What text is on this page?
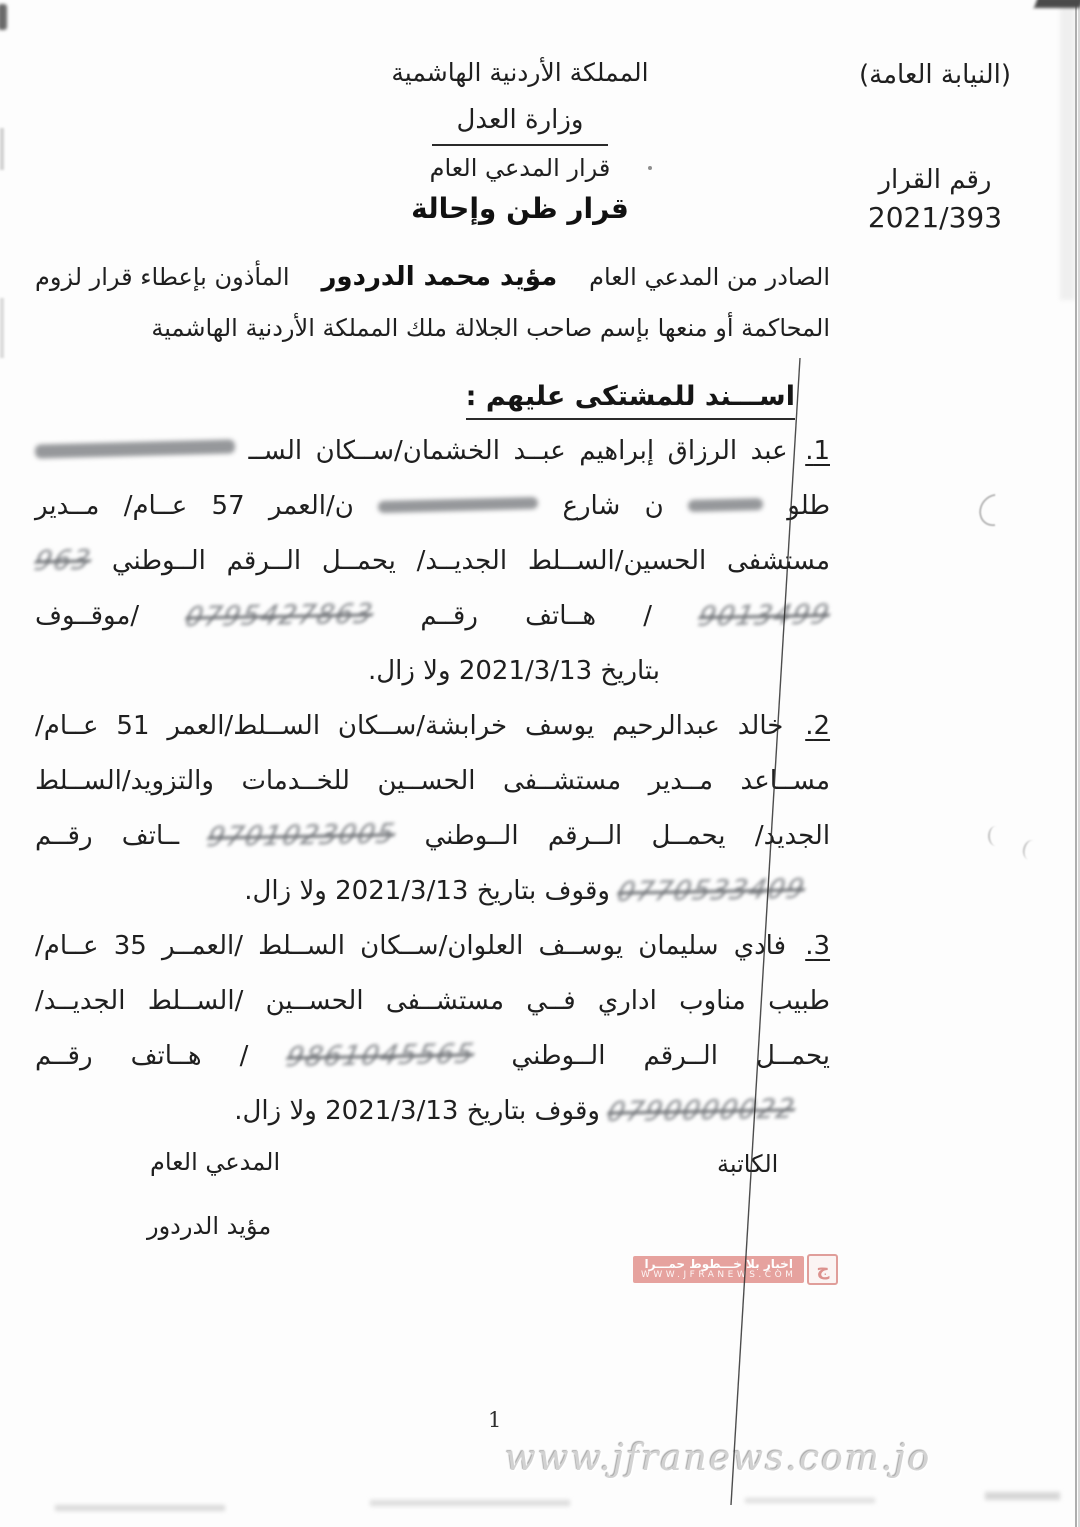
المملكة الأردنية الهاشمية
وزارة العدل
قرار المدعي العام
قرار ظن وإحالة
(النيابة العامة)
رقم القرار
2021/393
الصادر من المدعي العام
مؤيد محمد الدردور
المأذون بإعطاء قرار لزوم
المحاكمة أو منعها بإسم صاحب الجلالة ملك المملكة الأردنية الهاشمية
اســـند للمشتكى عليهم :
1. عبد الرزاق إبراهيم عبــد الخشمان/ســكان الســ
طلو  ن شارع  ن/العمر 57 عــام/ مــدير
مستشفى الحسين/الســلط الجديــد/ يحمــل الــرقم الــوطني 963
9013499 / هــاتف رقــم 0795427863 /موقــوف
بتاريخ 2021/3/13 ولا زال.
2. خالد عبدالرحيم يوسف خرابشة/ســكان الســلط/العمر 51 عــام/
مســاعد مــدير مستشــفى الحســين للخــدمات والتزويد/الســلط
الجديد/ يحمــل الــرقم الــوطني 9701023005 ــاتف رقــم
0770533409 وقوف بتاريخ 2021/3/13 ولا زال.
3. فادي سليمان يوســف العلوان/ســكان الســلط /العمــر 35 عــام/
طبيب مناوب اداري فــي مستشــفى الحســين /الســلط الجديــد/
يحمــل الــرقم الــوطني 9861045565 / هــاتف رقــم
0790000022 وقوف بتاريخ 2021/3/13 ولا زال.
الكاتبة
المدعي العام
مؤيد الدردور
ج
اخبار بلا خـــطوط حمـــرا
WWW.JFRANEWS.COM
1
www.jfranews.com.jo
